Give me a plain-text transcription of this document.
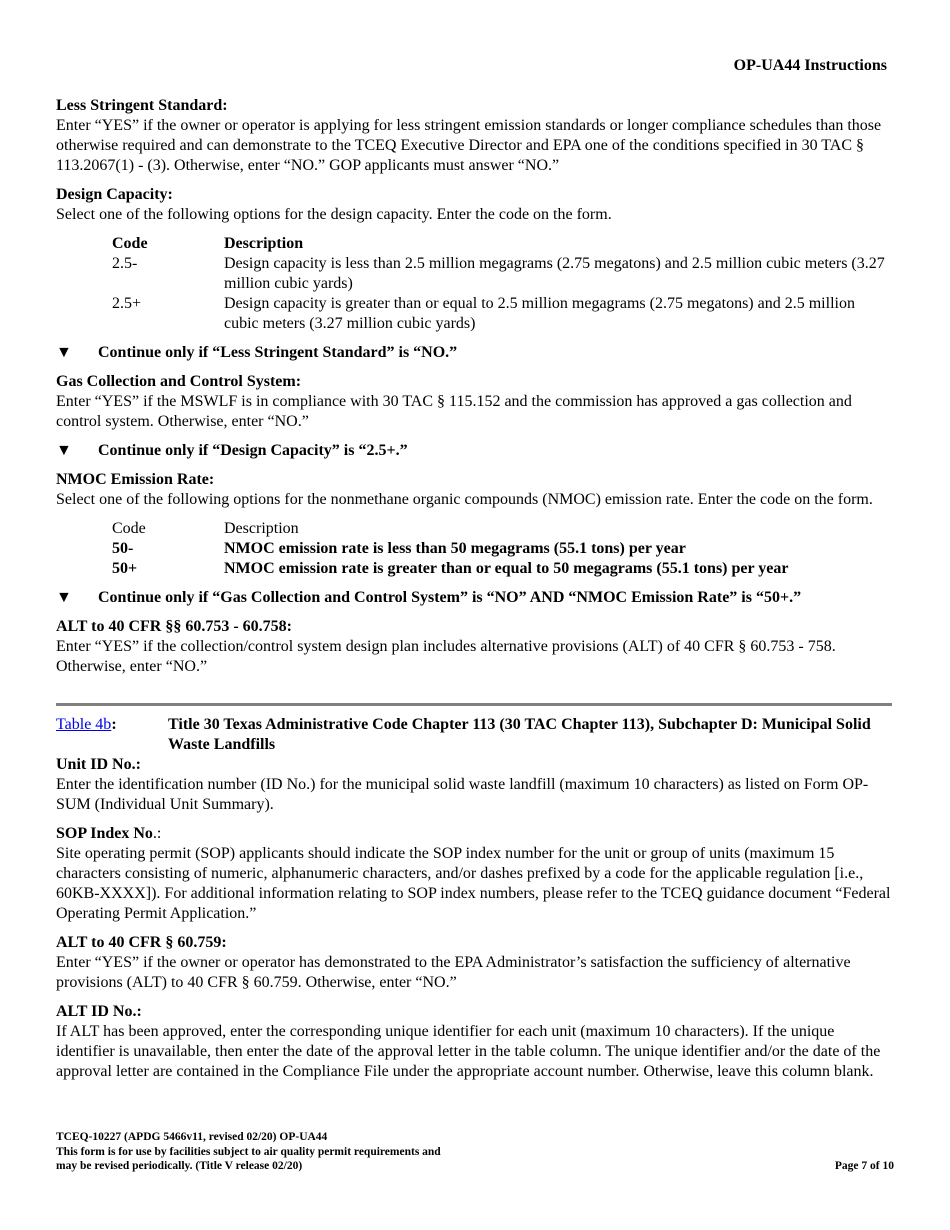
OP-UA44 Instructions
Less Stringent Standard:
Enter “YES” if the owner or operator is applying for less stringent emission standards or longer compliance schedules than those otherwise required and can demonstrate to the TCEQ Executive Director and EPA one of the conditions specified in 30 TAC § 113.2067(1) - (3). Otherwise, enter “NO.” GOP applicants must answer “NO.”
Design Capacity:
Select one of the following options for the design capacity. Enter the code on the form.
Code	Description
2.5-	Design capacity is less than 2.5 million megagrams (2.75 megatons) and 2.5 million cubic meters (3.27 million cubic yards)
2.5+	Design capacity is greater than or equal to 2.5 million megagrams (2.75 megatons) and 2.5 million cubic meters (3.27 million cubic yards)
▼	Continue only if “Less Stringent Standard” is “NO.”
Gas Collection and Control System:
Enter “YES” if the MSWLF is in compliance with 30 TAC § 115.152 and the commission has approved a gas collection and control system. Otherwise, enter “NO.”
▼	Continue only if “Design Capacity” is “2.5+.”
NMOC Emission Rate:
Select one of the following options for the nonmethane organic compounds (NMOC) emission rate. Enter the code on the form.
Code	Description
50-	NMOC emission rate is less than 50 megagrams (55.1 tons) per year
50+	NMOC emission rate is greater than or equal to 50 megagrams (55.1 tons) per year
▼	Continue only if “Gas Collection and Control System” is “NO” AND “NMOC Emission Rate” is “50+.”
ALT to 40 CFR §§ 60.753 - 60.758:
Enter “YES” if the collection/control system design plan includes alternative provisions (ALT) of 40 CFR § 60.753 - 758. Otherwise, enter “NO.”
Table 4b:	Title 30 Texas Administrative Code Chapter 113 (30 TAC Chapter 113), Subchapter D: Municipal Solid Waste Landfills
Unit ID No.:
Enter the identification number (ID No.) for the municipal solid waste landfill (maximum 10 characters) as listed on Form OP-SUM (Individual Unit Summary).
SOP Index No.:
Site operating permit (SOP) applicants should indicate the SOP index number for the unit or group of units (maximum 15 characters consisting of numeric, alphanumeric characters, and/or dashes prefixed by a code for the applicable regulation [i.e., 60KB-XXXX]). For additional information relating to SOP index numbers, please refer to the TCEQ guidance document “Federal Operating Permit Application.”
ALT to 40 CFR § 60.759:
Enter “YES” if the owner or operator has demonstrated to the EPA Administrator’s satisfaction the sufficiency of alternative provisions (ALT) to 40 CFR § 60.759. Otherwise, enter “NO.”
ALT ID No.:
If ALT has been approved, enter the corresponding unique identifier for each unit (maximum 10 characters). If the unique identifier is unavailable, then enter the date of the approval letter in the table column. The unique identifier and/or the date of the approval letter are contained in the Compliance File under the appropriate account number. Otherwise, leave this column blank.
TCEQ-10227 (APDG 5466v11, revised 02/20) OP-UA44
This form is for use by facilities subject to air quality permit requirements and
may be revised periodically. (Title V release 02/20)	Page 7 of 10
